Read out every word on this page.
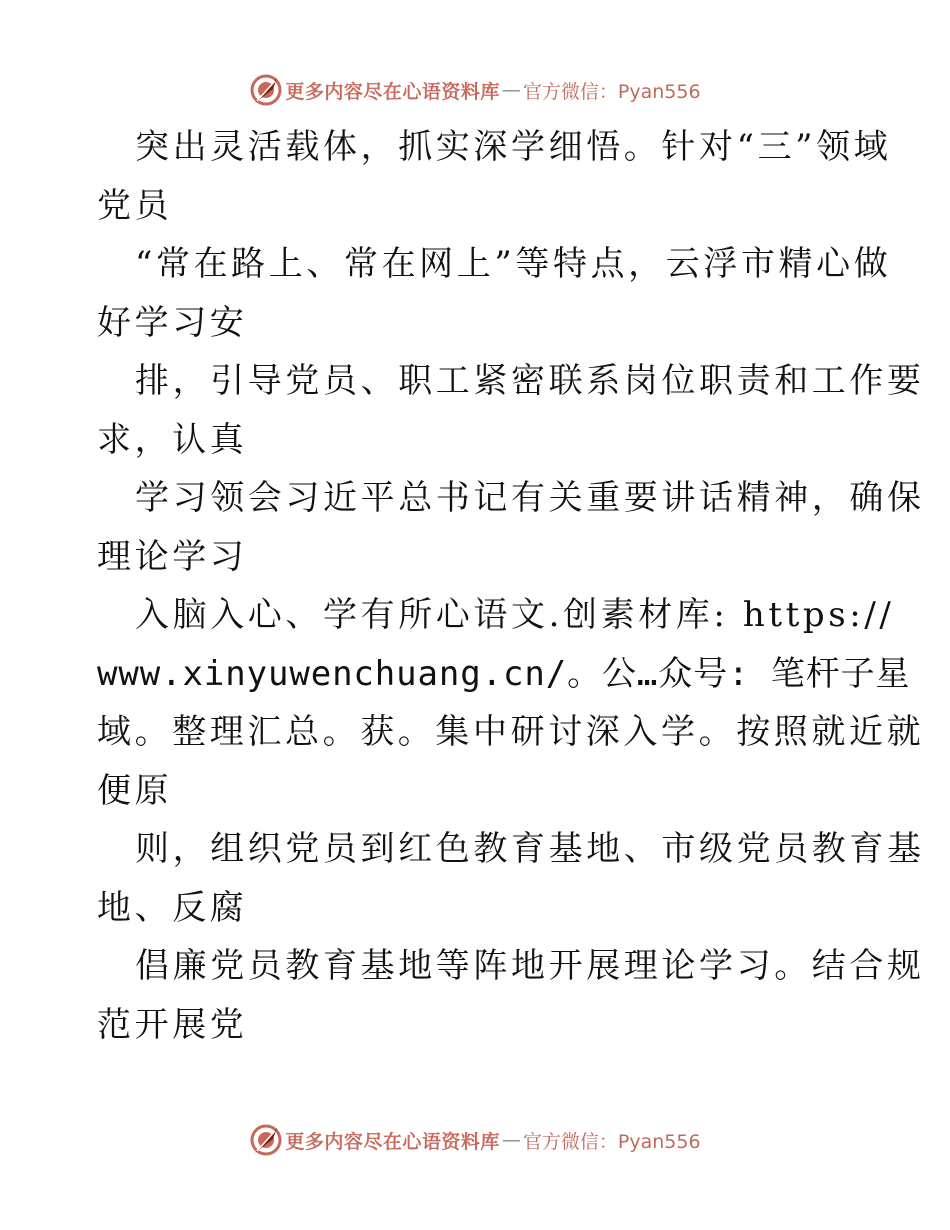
更多内容尽在心语资料库 — 官方微信：Pyan556
突出灵活载体，抓实深学细悟。针对“三”领域
党员
“常在路上、常在网上”等特点，云浮市精心做
好学习安
排，引导党员、职工紧密联系岗位职责和工作要
求，认真
学习领会习近平总书记有关重要讲话精神，确保
理论学习
入脑入心、学有所心语文.创素材库: https://
www.xinyuwenchuang.cn/。公…众号: 笔杆子星
域。整理汇总。获。集中研讨深入学。按照就近就
便原
则，组织党员到红色教育基地、市级党员教育基
地、反腐
倡廉党员教育基地等阵地开展理论学习。结合规
范开展党
更多内容尽在心语资料库 — 官方微信：Pyan556
